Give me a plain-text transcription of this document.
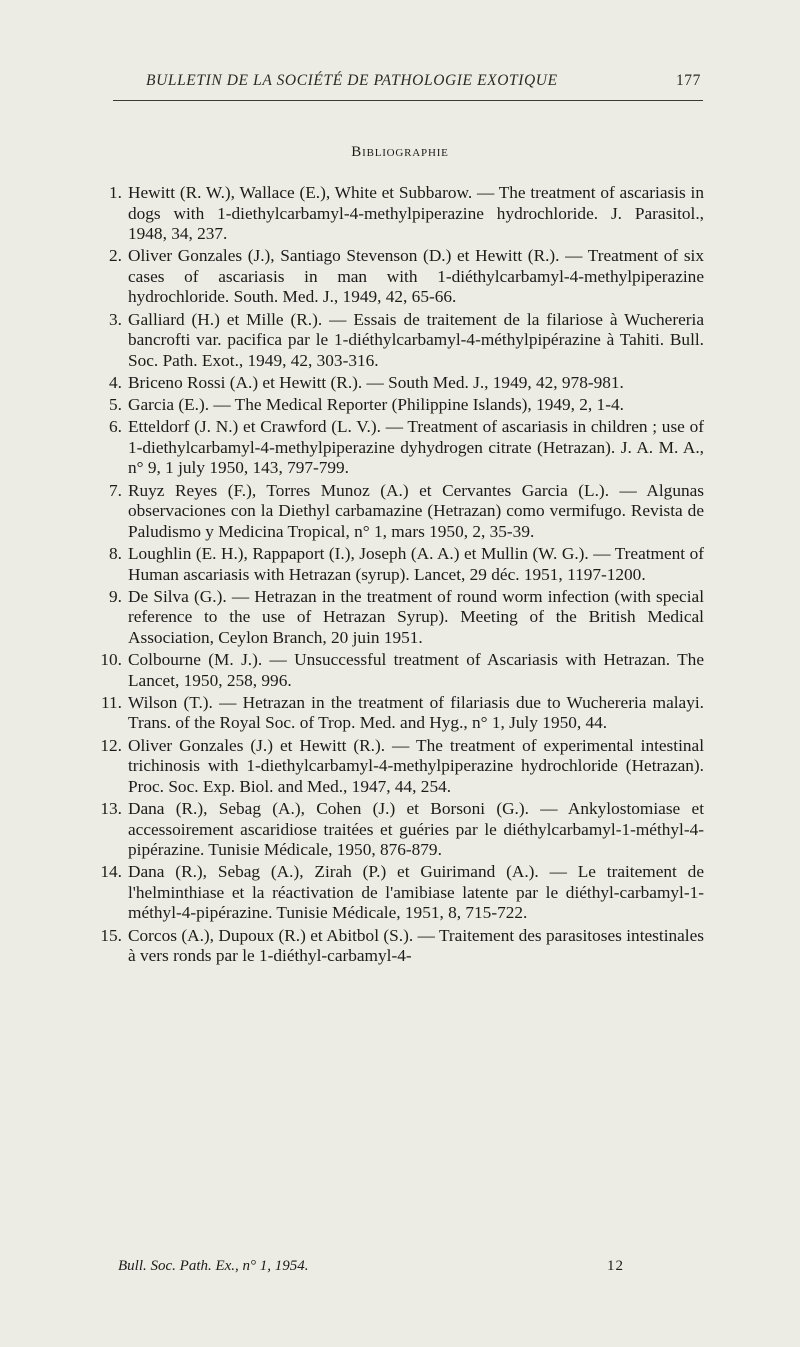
BULLETIN DE LA SOCIÉTÉ DE PATHOLOGIE EXOTIQUE	177
Bibliographie
1. Hewitt (R. W.), Wallace (E.), White et Subbarow. — The treatment of ascariasis in dogs with 1-diethylcarbamyl-4-methylpiperazine hydrochloride. J. Parasitol., 1948, 34, 237.
2. Oliver Gonzales (J.), Santiago Stevenson (D.) et Hewitt (R.). — Treatment of six cases of ascariasis in man with 1-diéthylcarbamyl-4-methylpiperazine hydrochloride. South. Med. J., 1949, 42, 65-66.
3. Galliard (H.) et Mille (R.). — Essais de traitement de la filariose à Wuchereria bancrofti var. pacifica par le 1-diéthylcarbamyl-4-méthylpipérazine à Tahiti. Bull. Soc. Path. Exot., 1949, 42, 303-316.
4. Briceno Rossi (A.) et Hewitt (R.). — South Med. J., 1949, 42, 978-981.
5. Garcia (E.). — The Medical Reporter (Philippine Islands), 1949, 2, 1-4.
6. Etteldorf (J. N.) et Crawford (L. V.). — Treatment of ascariasis in children ; use of 1-diethylcarbamyl-4-methylpiperazine dyhydrogen citrate (Hetrazan). J. A. M. A., n° 9, 1 july 1950, 143, 797-799.
7. Ruyz Reyes (F.), Torres Munoz (A.) et Cervantes Garcia (L.). — Algunas observaciones con la Diethyl carbamazine (Hetrazan) como vermifugo. Revista de Paludismo y Medicina Tropical, n° 1, mars 1950, 2, 35-39.
8. Loughlin (E. H.), Rappaport (I.), Joseph (A. A.) et Mullin (W. G.). — Treatment of Human ascariasis with Hetrazan (syrup). Lancet, 29 déc. 1951, 1197-1200.
9. De Silva (G.). — Hetrazan in the treatment of round worm infection (with special reference to the use of Hetrazan Syrup). Meeting of the British Medical Association, Ceylon Branch, 20 juin 1951.
10. Colbourne (M. J.). — Unsuccessful treatment of Ascariasis with Hetrazan. The Lancet, 1950, 258, 996.
11. Wilson (T.). — Hetrazan in the treatment of filariasis due to Wuchereria malayi. Trans. of the Royal Soc. of Trop. Med. and Hyg., n° 1, July 1950, 44.
12. Oliver Gonzales (J.) et Hewitt (R.). — The treatment of experimental intestinal trichinosis with 1-diethylcarbamyl-4-methylpiperazine hydrochloride (Hetrazan). Proc. Soc. Exp. Biol. and Med., 1947, 44, 254.
13. Dana (R.), Sebag (A.), Cohen (J.) et Borsoni (G.). — Ankylostomiase et accessoirement ascaridiose traitées et guéries par le diéthylcarbamyl-1-méthyl-4-pipérazine. Tunisie Médicale, 1950, 876-879.
14. Dana (R.), Sebag (A.), Zirah (P.) et Guirimand (A.). — Le traitement de l'helminthiase et la réactivation de l'amibiase latente par le diéthyl-carbamyl-1-méthyl-4-pipérazine. Tunisie Médicale, 1951, 8, 715-722.
15. Corcos (A.), Dupoux (R.) et Abitbol (S.). — Traitement des parasitoses intestinales à vers ronds par le 1-diéthyl-carbamyl-4-
Bull. Soc. Path. Ex., n° 1, 1954.	12
